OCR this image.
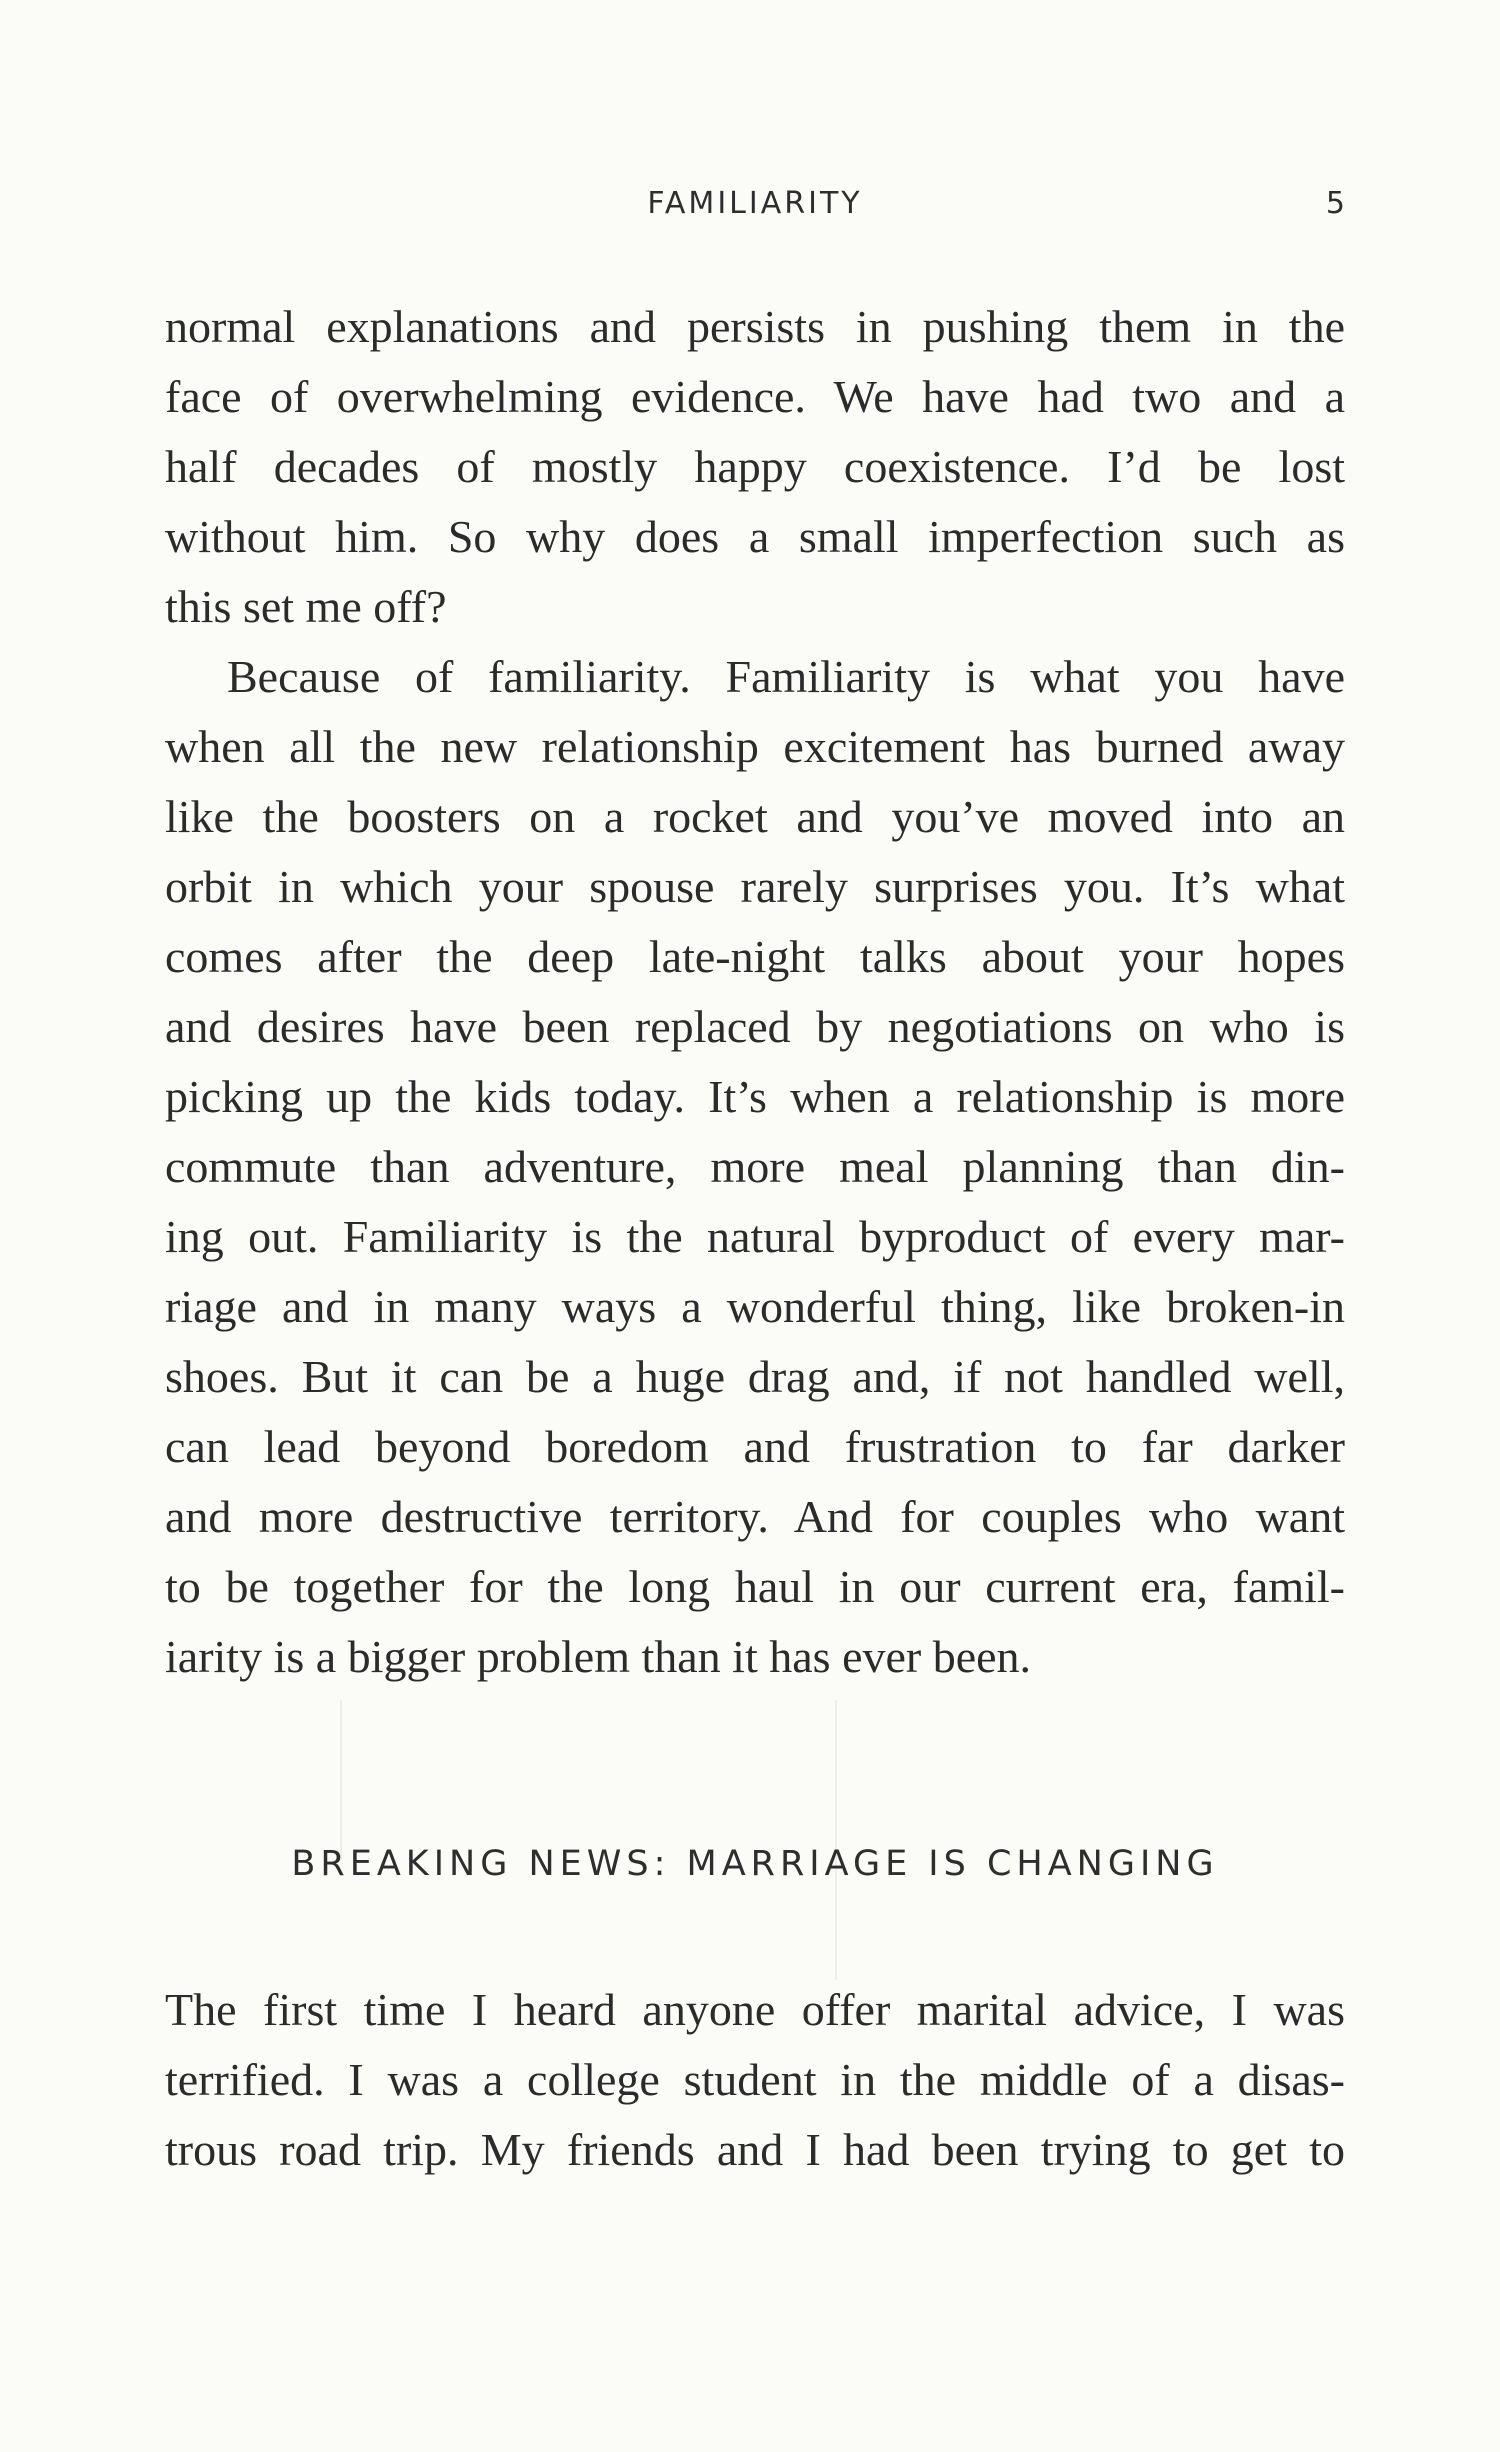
FAMILIARITY	5
normal explanations and persists in pushing them in the
face of overwhelming evidence. We have had two and a
half decades of mostly happy coexistence. I’d be lost
without him. So why does a small imperfection such as
this set me off?
Because of familiarity. Familiarity is what you have
when all the new relationship excitement has burned away
like the boosters on a rocket and you’ve moved into an
orbit in which your spouse rarely surprises you. It’s what
comes after the deep late-night talks about your hopes
and desires have been replaced by negotiations on who is
picking up the kids today. It’s when a relationship is more
commute than adventure, more meal planning than din-
ing out. Familiarity is the natural byproduct of every mar-
riage and in many ways a wonderful thing, like broken-in
shoes. But it can be a huge drag and, if not handled well,
can lead beyond boredom and frustration to far darker
and more destructive territory. And for couples who want
to be together for the long haul in our current era, famil-
iarity is a bigger problem than it has ever been.
BREAKING NEWS: MARRIAGE IS CHANGING
The first time I heard anyone offer marital advice, I was
terrified. I was a college student in the middle of a disas-
trous road trip. My friends and I had been trying to get to
